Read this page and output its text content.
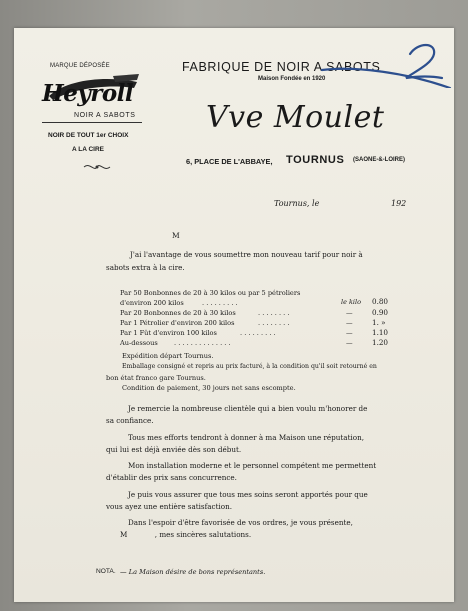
MARQUE DÉPOSÉE
Heyroll
NOIR A SABOTS
NOIR DE TOUT 1er CHOIX
A LA CIRE
FABRIQUE DE NOIR A SABOTS
Maison Fondée en 1920
Vve Moulet
6, PLACE DE L'ABBAYE, TOURNUS (SAONE-&-LOIRE)
Tournus, le	192
M
J'ai l'avantage de vous soumettre mon nouveau tarif pour noir à
sabots extra à la cire.
Par 50 Bonbonnes de 20 à 30 kilos ou par 5 pétroliers
d'environ 200 kilos	. . . . . . . . .	le kilo 0.80
Par 20 Bonbonnes de 20 à 30 kilos	. . . . . . . .	—	0.90
Par 1 Pétrolier d'environ 200 kilos	. . . . . . . .	—	1. »
Par 1 Fût d'environ 100 kilos	. . . . . . . . .	—	1.10
Au-dessous . . . . . . . . . . . . . .	—	1.20
Expédition départ Tournus.
Emballage consigné et repris au prix facturé, à la condition qu'il soit retourné en
bon état franco gare Tournus.
Condition de paiement, 30 jours net sans escompte.
Je remercie la nombreuse clientèle qui a bien voulu m'honorer de
sa confiance.
Tous mes efforts tendront à donner à ma Maison une réputation,
qui lui est déjà enviée dès son début.
Mon installation moderne et le personnel compétent me permettent
d'établir des prix sans concurrence.
Je puis vous assurer que tous mes soins seront apportés pour que
vous ayez une entière satisfaction.
Dans l'espoir d'être favorisée de vos ordres, je vous présente,
M            , mes sincères salutations.
NOTA. — La Maison désire de bons représentants.
